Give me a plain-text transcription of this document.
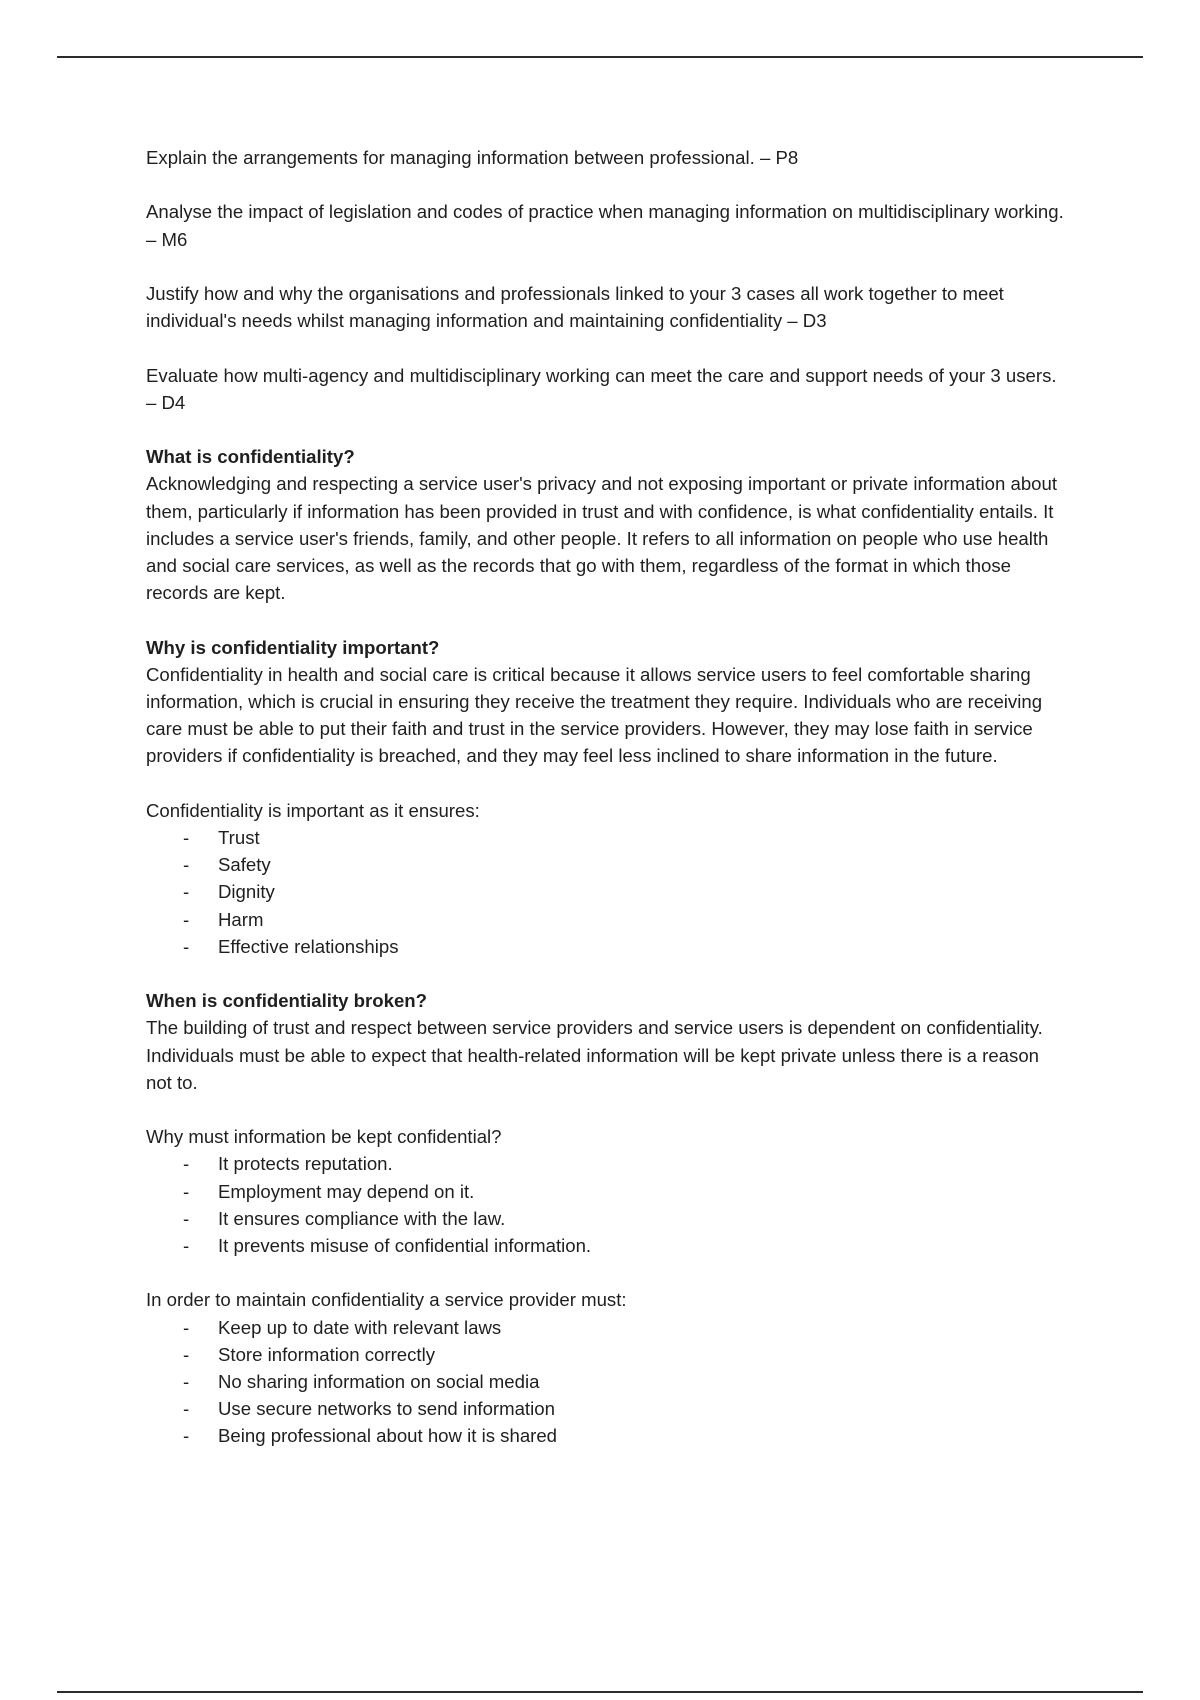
Explain the arrangements for managing information between professional. – P8

Analyse the impact of legislation and codes of practice when managing information on multidisciplinary working. – M6

Justify how and why the organisations and professionals linked to your 3 cases all work together to meet individual's needs whilst managing information and maintaining confidentiality – D3

Evaluate how multi-agency and multidisciplinary working can meet the care and support needs of your 3 users. – D4

What is confidentiality?

Acknowledging and respecting a service user's privacy and not exposing important or private information about them, particularly if information has been provided in trust and with confidence, is what confidentiality entails. It includes a service user's friends, family, and other people. It refers to all information on people who use health and social care services, as well as the records that go with them, regardless of the format in which those records are kept.

Why is confidentiality important?

Confidentiality in health and social care is critical because it allows service users to feel comfortable sharing information, which is crucial in ensuring they receive the treatment they require. Individuals who are receiving care must be able to put their faith and trust in the service providers. However, they may lose faith in service providers if confidentiality is breached, and they may feel less inclined to share information in the future.

Confidentiality is important as it ensures:

- Trust
- Safety
- Dignity
- Harm
- Effective relationships

When is confidentiality broken?

The building of trust and respect between service providers and service users is dependent on confidentiality. Individuals must be able to expect that health-related information will be kept private unless there is a reason not to.

Why must information be kept confidential?

- It protects reputation.
- Employment may depend on it.
- It ensures compliance with the law.
- It prevents misuse of confidential information.

In order to maintain confidentiality a service provider must:

- Keep up to date with relevant laws
- Store information correctly
- No sharing information on social media
- Use secure networks to send information
- Being professional about how it is shared
